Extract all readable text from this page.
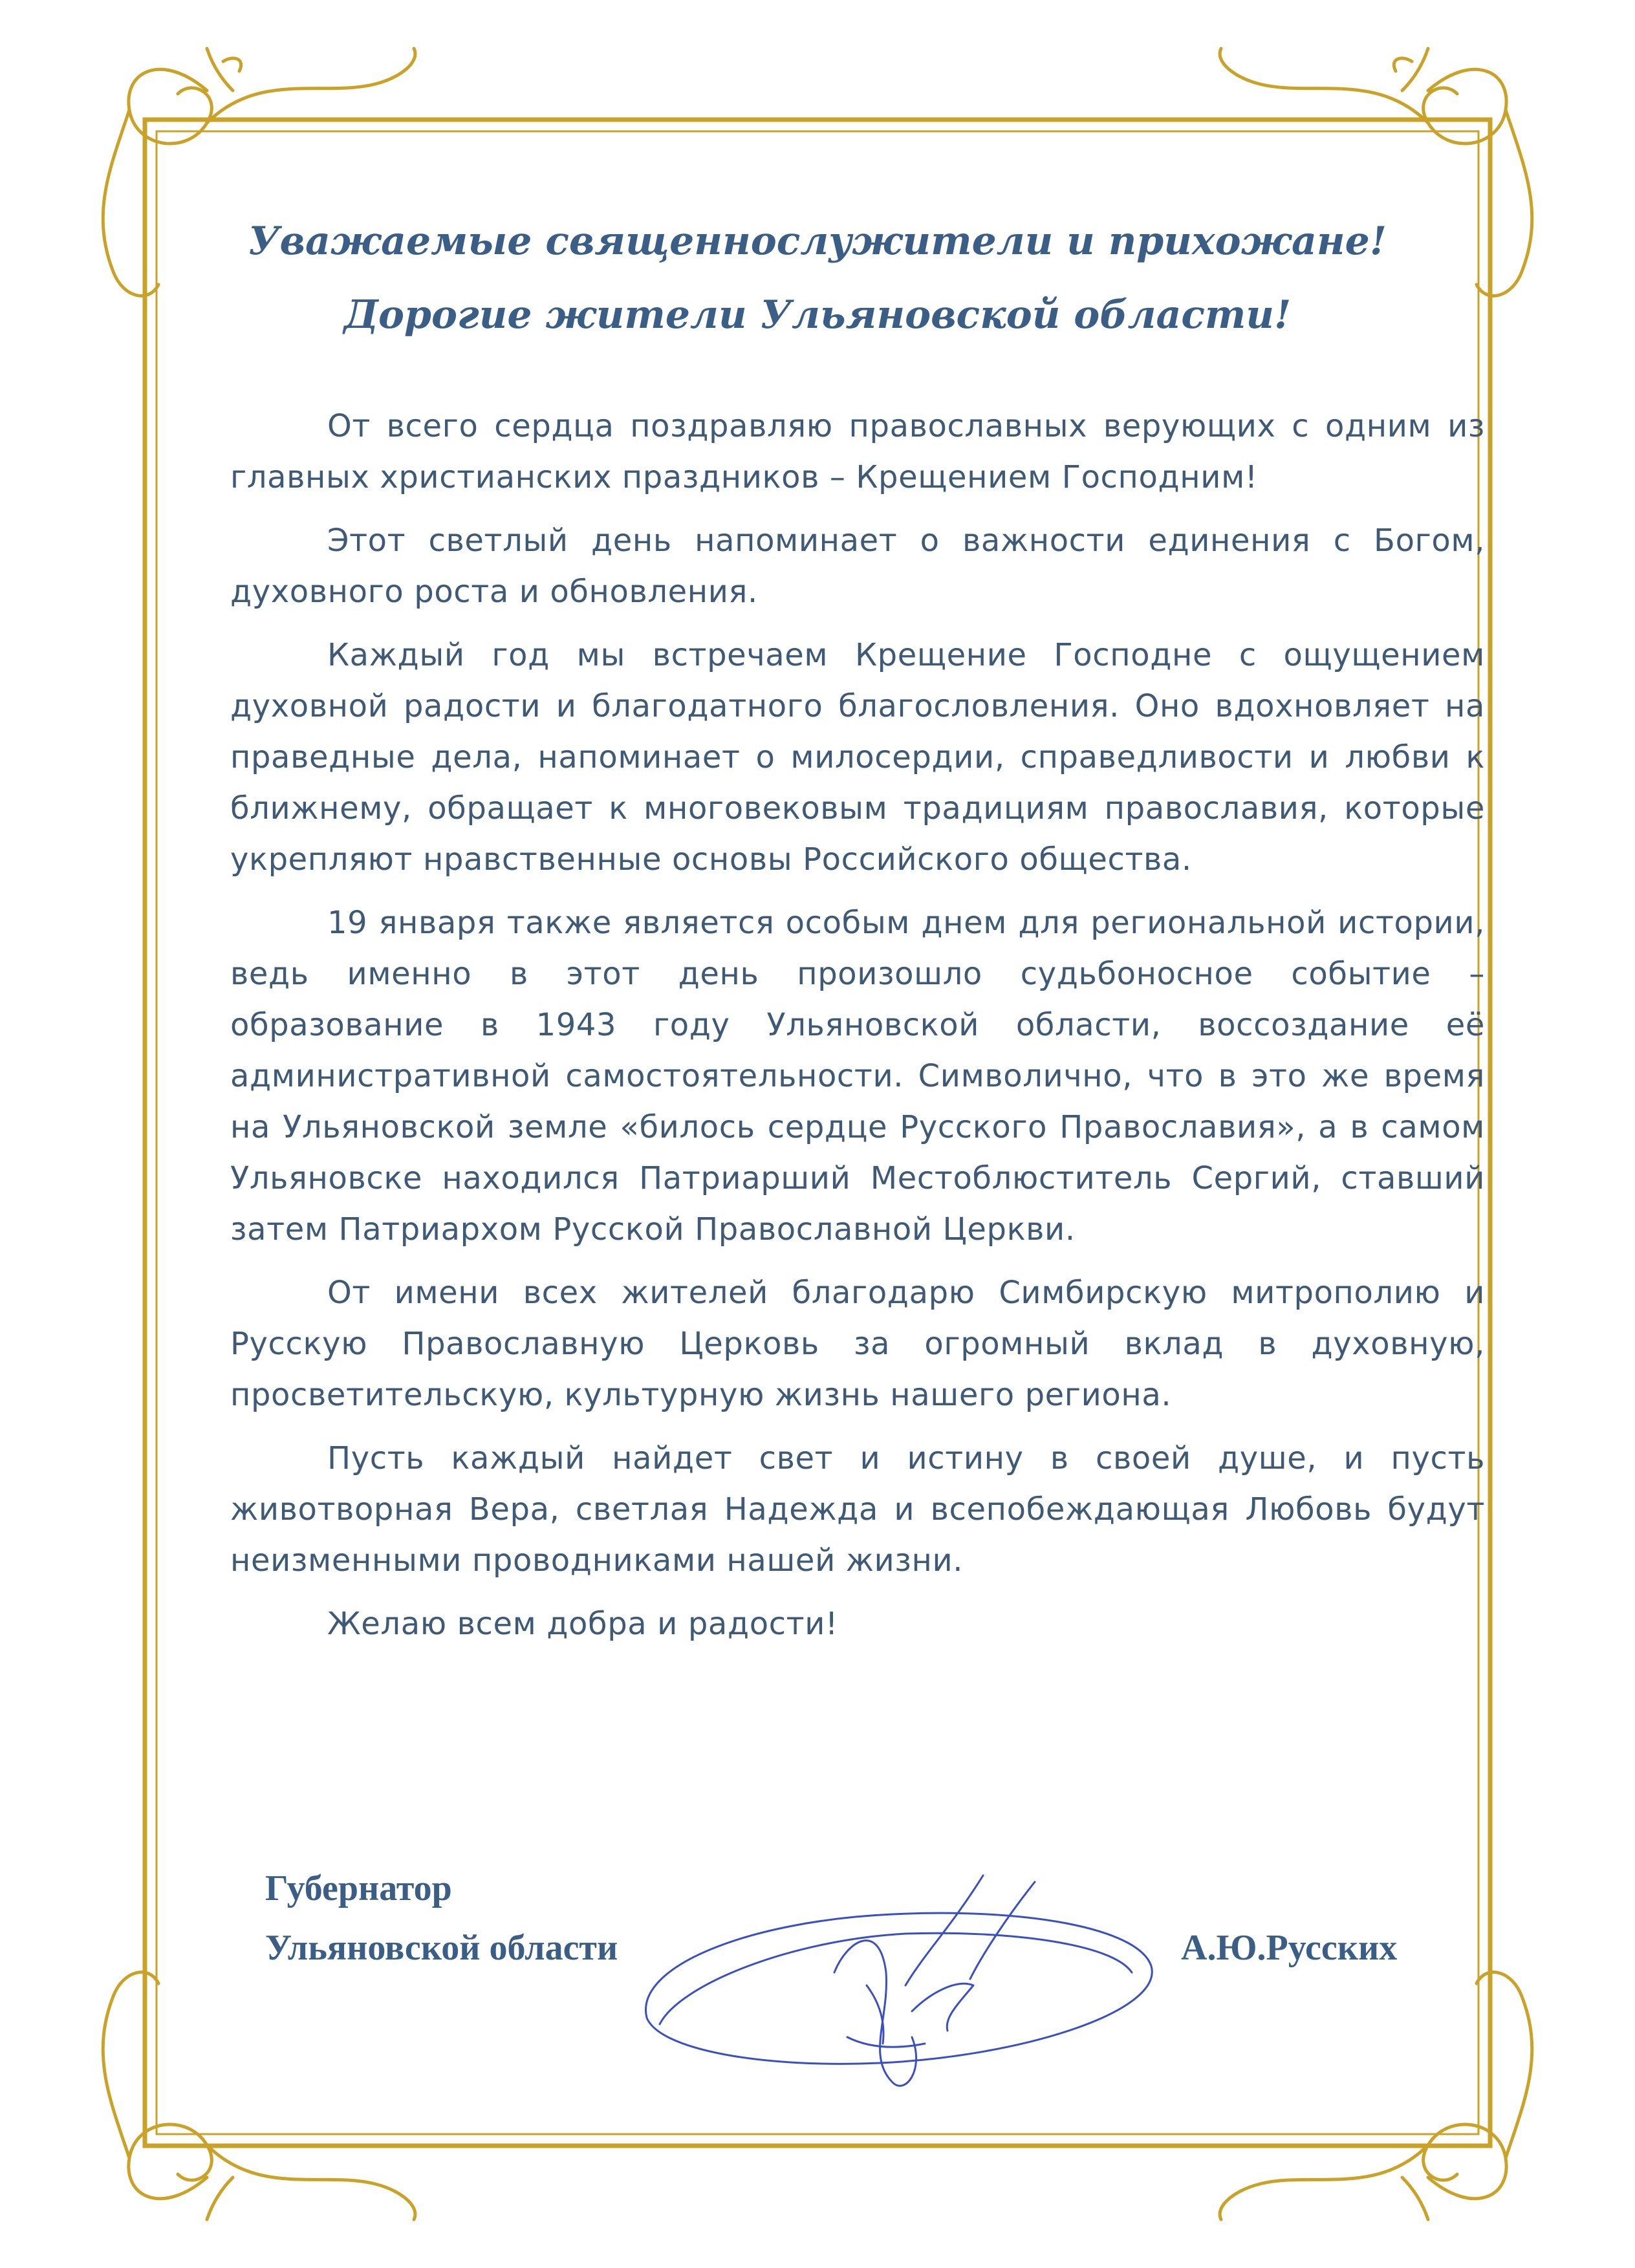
Уважаемые священнослужители и прихожане!
Дорогие жители Ульяновской области!

От всего сердца поздравляю православных верующих с одним из главных христианских праздников – Крещением Господним!

Этот светлый день напоминает о важности единения с Богом, духовного роста и обновления.

Каждый год мы встречаем Крещение Господне с ощущением духовной радости и благодатного благословления. Оно вдохновляет на праведные дела, напоминает о милосердии, справедливости и любви к ближнему, обращает к многовековым традициям православия, которые укрепляют нравственные основы Российского общества.

19 января также является особым днем для региональной истории, ведь именно в этот день произошло судьбоносное событие – образование в 1943 году Ульяновской области, воссоздание её административной самостоятельности. Символично, что в это же время на Ульяновской земле «билось сердце Русского Православия», а в самом Ульяновске находился Патриарший Местоблюститель Сергий, ставший затем Патриархом Русской Православной Церкви.

От имени всех жителей благодарю Симбирскую митрополию и Русскую Православную Церковь за огромный вклад в духовную, просветительскую, культурную жизнь нашего региона.

Пусть каждый найдет свет и истину в своей душе, и пусть животворная Вера, светлая Надежда и всепобеждающая Любовь будут неизменными проводниками нашей жизни.

Желаю всем добра и радости!

Губернатор
Ульяновской области	А.Ю.Русских
